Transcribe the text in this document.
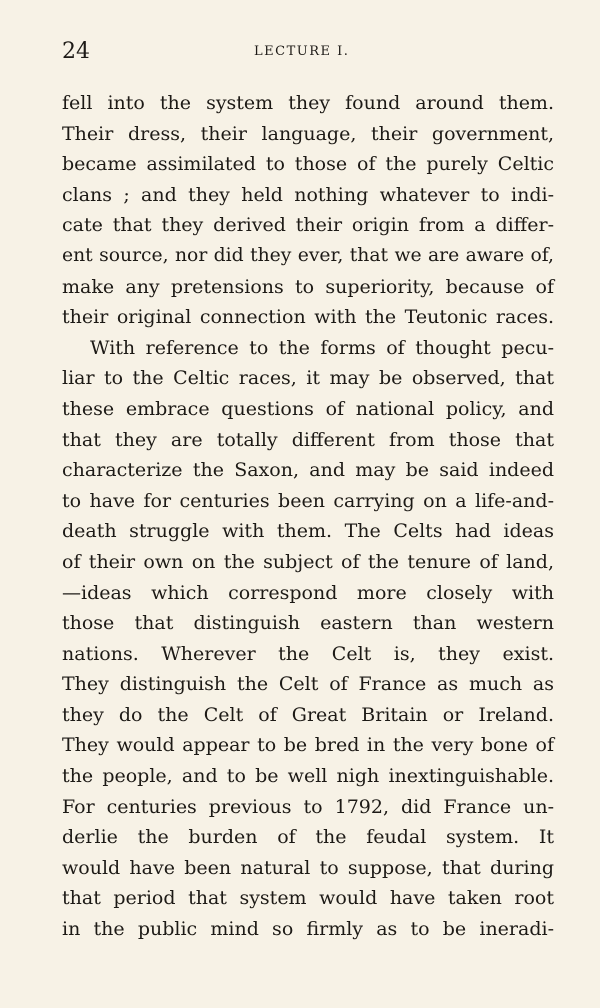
24	LECTURE I.
fell into the system they found around them.
Their dress, their language, their government,
became assimilated to those of the purely Celtic
clans ; and they held nothing whatever to indi-
cate that they derived their origin from a differ-
ent source, nor did they ever, that we are aware of,
make any pretensions to superiority, because of
their original connection with the Teutonic races.
With reference to the forms of thought pecu-
liar to the Celtic races, it may be observed, that
these embrace questions of national policy, and
that they are totally different from those that
characterize the Saxon, and may be said indeed
to have for centuries been carrying on a life-and-
death struggle with them. The Celts had ideas
of their own on the subject of the tenure of land,
—ideas which correspond more closely with
those that distinguish eastern than western
nations. Wherever the Celt is, they exist.
They distinguish the Celt of France as much as
they do the Celt of Great Britain or Ireland.
They would appear to be bred in the very bone of
the people, and to be well nigh inextinguishable.
For centuries previous to 1792, did France un-
derlie the burden of the feudal system. It
would have been natural to suppose, that during
that period that system would have taken root
in the public mind so firmly as to be ineradi-
